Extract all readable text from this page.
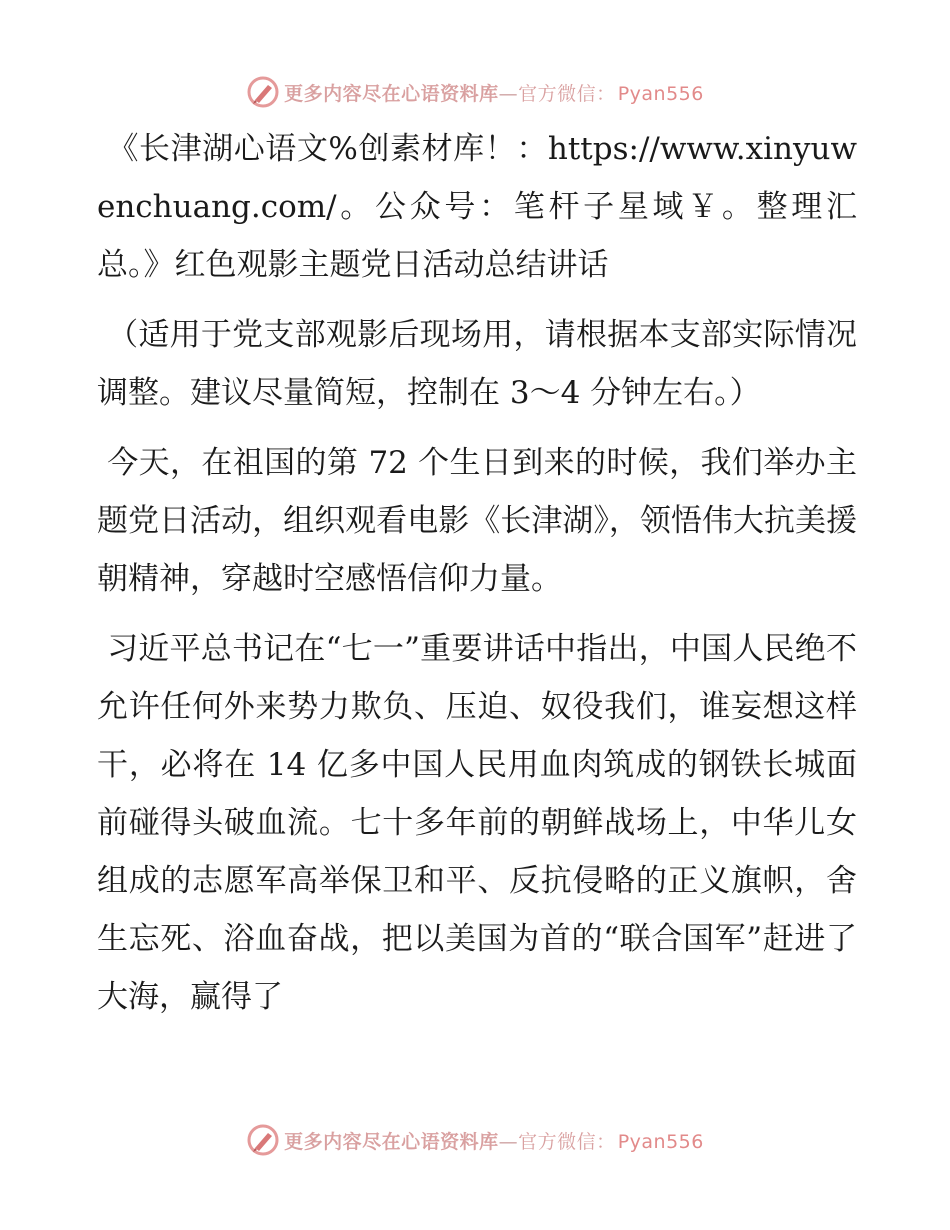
更多内容尽在心语资料库—官方微信： Pyan556

《长津湖心语文%创素材库！：https://www.xinyuwenchuang.com/。公众号：笔杆子星域￥。整理汇总。》红色观影主题党日活动总结讲话

（适用于党支部观影后现场用，请根据本支部实际情况调整。建议尽量简短，控制在 3～4 分钟左右。）

今天，在祖国的第 72 个生日到来的时候，我们举办主题党日活动，组织观看电影《长津湖》，领悟伟大抗美援朝精神，穿越时空感悟信仰力量。

习近平总书记在“七一”重要讲话中指出，中国人民绝不允许任何外来势力欺负、压迫、奴役我们，谁妄想这样干，必将在 14 亿多中国人民用血肉筑成的钢铁长城面前碰得头破血流。七十多年前的朝鲜战场上，中华儿女组成的志愿军高举保卫和平、反抗侵略的正义旗帜，舍生忘死、浴血奋战，把以美国为首的“联合国军”赶进了大海，赢得了

更多内容尽在心语资料库—官方微信： Pyan556
